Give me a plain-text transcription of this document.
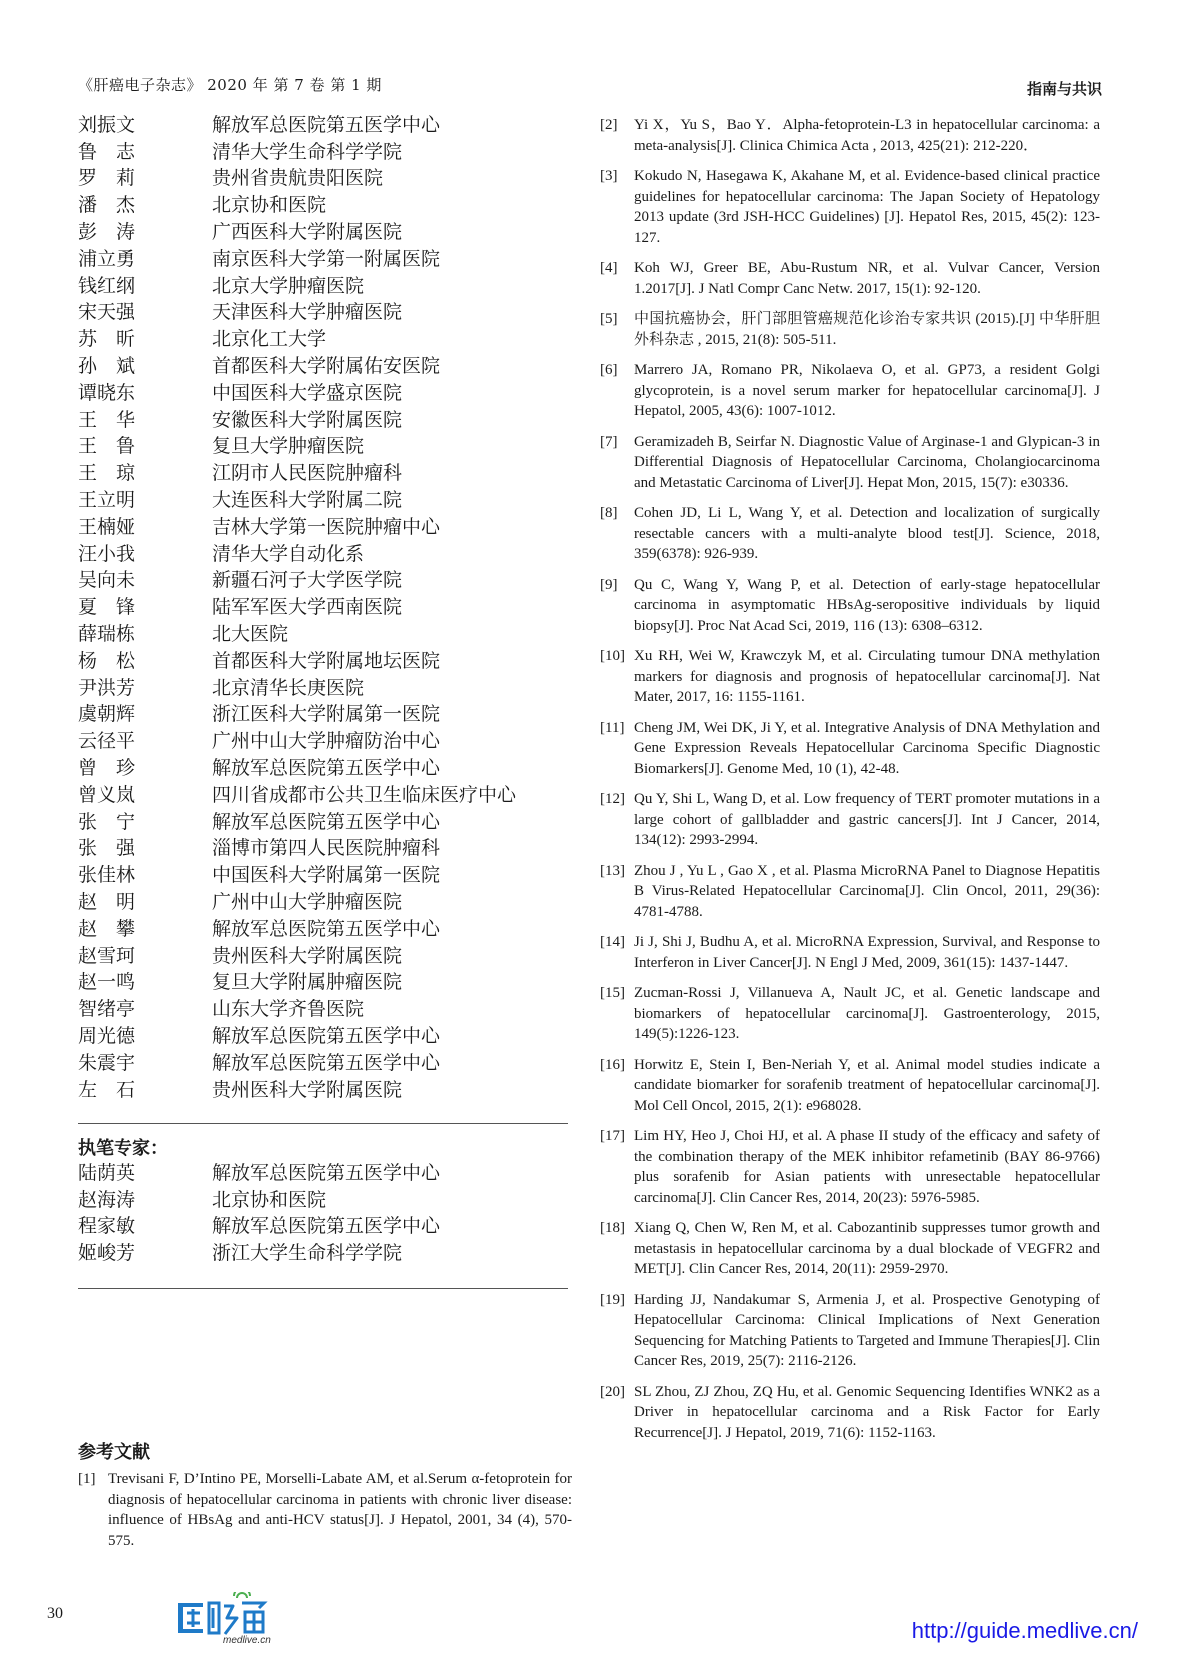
《肝癌电子杂志》 2020 年 第 7 卷 第 1 期	指南与共识
刘振文	解放军总医院第五医学中心
鲁　志	清华大学生命科学学院
罗　莉	贵州省贵航贵阳医院
潘　杰	北京协和医院
彭　涛	广西医科大学附属医院
浦立勇	南京医科大学第一附属医院
钱红纲	北京大学肿瘤医院
宋天强	天津医科大学肿瘤医院
苏　昕	北京化工大学
孙　斌	首都医科大学附属佑安医院
谭晓东	中国医科大学盛京医院
王　华	安徽医科大学附属医院
王　鲁	复旦大学肿瘤医院
王　琼	江阴市人民医院肿瘤科
王立明	大连医科大学附属二院
王楠娅	吉林大学第一医院肿瘤中心
汪小我	清华大学自动化系
吴向未	新疆石河子大学医学院
夏　锋	陆军军医大学西南医院
薛瑞栋	北大医院
杨　松	首都医科大学附属地坛医院
尹洪芳	北京清华长庚医院
虞朝辉	浙江医科大学附属第一医院
云径平	广州中山大学肿瘤防治中心
曾　珍	解放军总医院第五医学中心
曾义岚	四川省成都市公共卫生临床医疗中心
张　宁	解放军总医院第五医学中心
张　强	淄博市第四人民医院肿瘤科
张佳林	中国医科大学附属第一医院
赵　明	广州中山大学肿瘤医院
赵　攀	解放军总医院第五医学中心
赵雪珂	贵州医科大学附属医院
赵一鸣	复旦大学附属肿瘤医院
智绪亭	山东大学齐鲁医院
周光德	解放军总医院第五医学中心
朱震宇	解放军总医院第五医学中心
左　石	贵州医科大学附属医院
执笔专家：
陆荫英	解放军总医院第五医学中心
赵海涛	北京协和医院
程家敏	解放军总医院第五医学中心
姬峻芳	浙江大学生命科学学院
参考文献
[1] Trevisani F, D’Intino PE, Morselli-Labate AM, et al.Serum α-fetoprotein for diagnosis of hepatocellular carcinoma in patients with chronic liver disease: influence of HBsAg and anti-HCV status[J]. J Hepatol, 2001, 34 (4), 570-575.
[2]	Yi X，Yu S，Bao Y．Alpha-fetoprotein-L3 in hepatocellular carcinoma: a meta-analysis[J]. Clinica Chimica Acta , 2013, 425(21): 212-220．
[3]	Kokudo N, Hasegawa K, Akahane M, et al. Evidence-based clinical practice guidelines for hepatocellular carcinoma: The Japan Society of Hepatology 2013 update (3rd JSH-HCC Guidelines) [J]. Hepatol Res, 2015, 45(2): 123-127.
[4]	Koh WJ, Greer BE, Abu-Rustum NR, et al. Vulvar Cancer, Version 1.2017[J]. J Natl Compr Canc Netw. 2017, 15(1): 92-120.
[5]	中国抗癌协会，肝门部胆管癌规范化诊治专家共识 (2015).[J] 中华肝胆外科杂志 , 2015, 21(8): 505-511.
[6]	Marrero JA, Romano PR, Nikolaeva O, et al. GP73, a resident Golgi glycoprotein, is a novel serum marker for hepatocellular carcinoma[J]. J Hepatol, 2005, 43(6): 1007-1012.
[7]	Geramizadeh B, Seirfar N. Diagnostic Value of Arginase-1 and Glypican-3 in Differential Diagnosis of Hepatocellular Carcinoma, Cholangiocarcinoma and Metastatic Carcinoma of Liver[J]. Hepat Mon, 2015, 15(7): e30336.
[8]	Cohen JD, Li L, Wang Y, et al. Detection and localization of surgically resectable cancers with a multi-analyte blood test[J]. Science, 2018, 359(6378): 926-939.
[9]	Qu C, Wang Y, Wang P, et al. Detection of early-stage hepatocellular carcinoma in asymptomatic HBsAg-seropositive individuals by liquid biopsy[J]. Proc Nat Acad Sci, 2019, 116 (13): 6308–6312.
[10] Xu RH, Wei W, Krawczyk M, et al. Circulating tumour DNA methylation markers for diagnosis and prognosis of hepatocellular carcinoma[J]. Nat Mater, 2017, 16: 1155-1161.
[11] Cheng JM, Wei DK, Ji Y, et al. Integrative Analysis of DNA Methylation and Gene Expression Reveals Hepatocellular Carcinoma Specific Diagnostic Biomarkers[J]. Genome Med, 10 (1), 42-48.
[12] Qu Y, Shi L, Wang D, et al. Low frequency of TERT promoter mutations in a large cohort of gallbladder and gastric cancers[J]. Int J Cancer, 2014, 134(12): 2993-2994.
[13] Zhou J , Yu L , Gao X , et al. Plasma MicroRNA Panel to Diagnose Hepatitis B Virus-Related Hepatocellular Carcinoma[J]. Clin Oncol, 2011, 29(36): 4781-4788.
[14] Ji J, Shi J, Budhu A, et al. MicroRNA Expression, Survival, and Response to Interferon in Liver Cancer[J]. N Engl J Med, 2009, 361(15): 1437-1447.
[15] Zucman-Rossi J, Villanueva A, Nault JC, et al. Genetic landscape and biomarkers of hepatocellular carcinoma[J]. Gastroenterology, 2015, 149(5):1226-123.
[16] Horwitz E, Stein I, Ben-Neriah Y, et al. Animal model studies indicate a candidate biomarker for sorafenib treatment of hepatocellular carcinoma[J]. Mol Cell Oncol, 2015, 2(1): e968028.
[17] Lim HY, Heo J, Choi HJ, et al. A phase II study of the efficacy and safety of the combination therapy of the MEK inhibitor refametinib (BAY 86-9766) plus sorafenib for Asian patients with unresectable hepatocellular carcinoma[J]. Clin Cancer Res, 2014, 20(23): 5976-5985.
[18] Xiang Q, Chen W, Ren M, et al. Cabozantinib suppresses tumor growth and metastasis in hepatocellular carcinoma by a dual blockade of VEGFR2 and MET[J]. Clin Cancer Res, 2014, 20(11): 2959-2970.
[19] Harding JJ, Nandakumar S, Armenia J, et al. Prospective Genotyping of Hepatocellular Carcinoma: Clinical Implications of Next Generation Sequencing for Matching Patients to Targeted and Immune Therapies[J]. Clin Cancer Res, 2019, 25(7): 2116-2126.
[20] SL Zhou, ZJ Zhou, ZQ Hu, et al. Genomic Sequencing Identifies WNK2 as a Driver in hepatocellular carcinoma and a Risk Factor for Early Recurrence[J]. J Hepatol, 2019, 71(6): 1152-1163.
30
medlive.cn	http://guide.medlive.cn/
